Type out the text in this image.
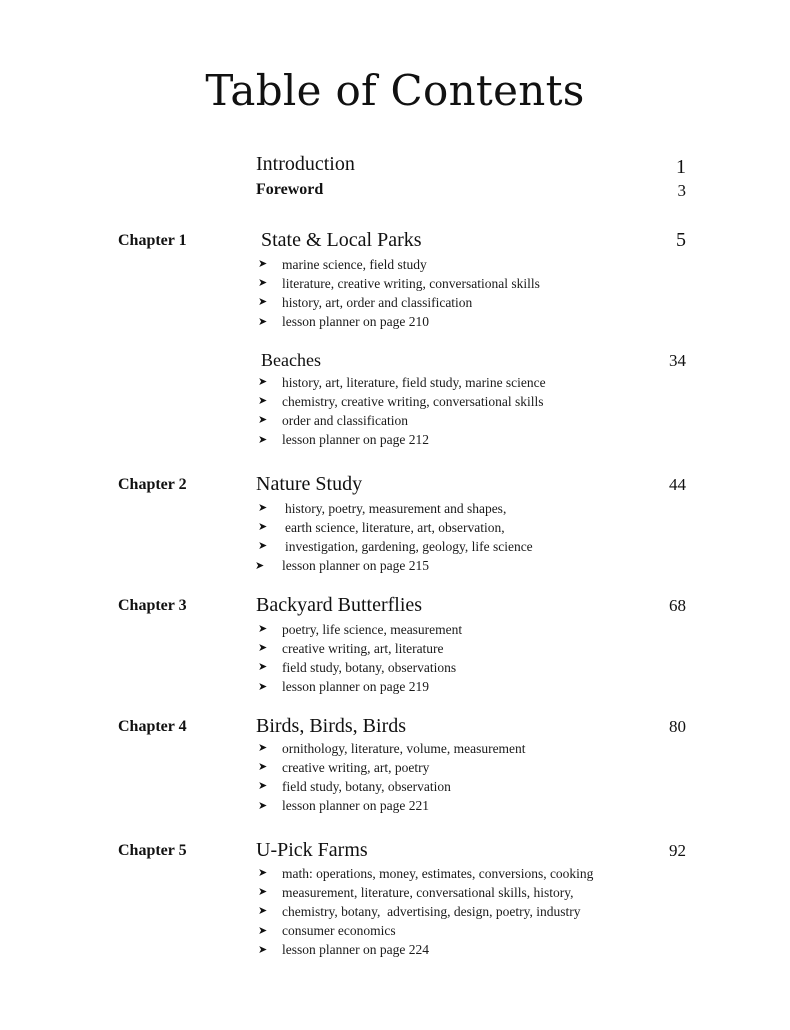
Table of Contents
Introduction	1
Foreword	3
Chapter 1	State & Local Parks	5
➤	marine science, field study
➤	literature, creative writing, conversational skills
➤	history, art, order and classification
➤	lesson planner on page 210
Beaches	34
➤	history, art, literature, field study, marine science
➤	chemistry, creative writing, conversational skills
➤	order and classification
➤	lesson planner on page 212
Chapter 2	Nature Study	44
➤	history, poetry, measurement and shapes,
➤	earth science, literature, art, observation,
➤	investigation, gardening, geology, life science
➤	lesson planner on page 215
Chapter 3	Backyard Butterflies	68
➤	poetry, life science, measurement
➤	creative writing, art, literature
➤	field study, botany, observations
➤	lesson planner on page 219
Chapter 4	Birds, Birds, Birds	80
➤	ornithology, literature, volume, measurement
➤	creative writing, art, poetry
➤	field study, botany, observation
➤	lesson planner on page 221
Chapter 5	U-Pick Farms	92
➤	math: operations, money, estimates, conversions, cooking
➤	measurement, literature, conversational skills, history,
➤	chemistry, botany,  advertising, design, poetry, industry
➤	consumer economics
➤	lesson planner on page 224
